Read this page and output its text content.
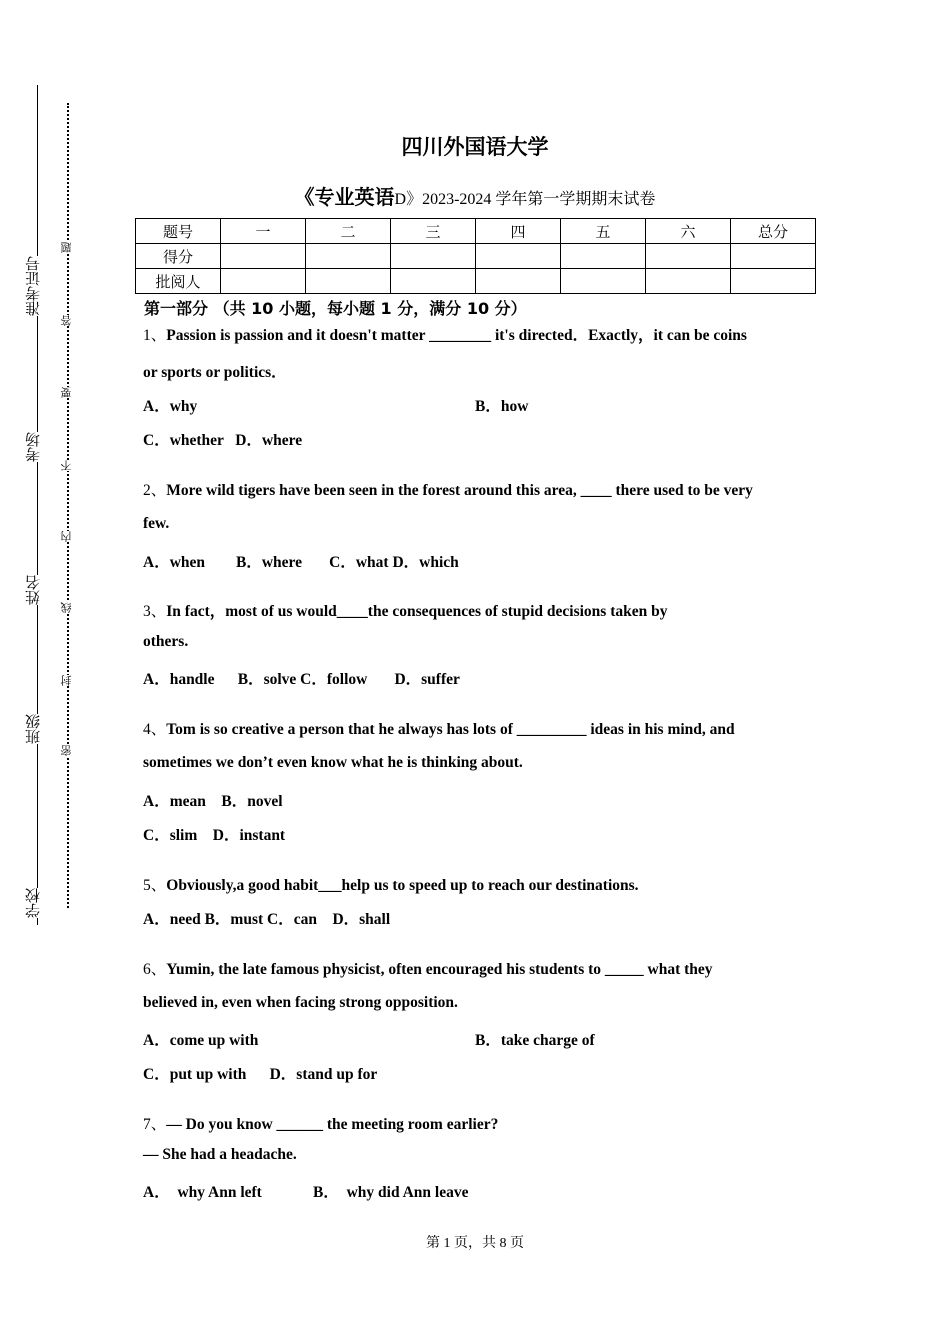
准考证号
考场
姓名
班级
学校
题
答
要
不
内
线
封
密
四川外国语大学
《专业英语D》2023-2024 学年第一学期期末试卷
题号	一	二	三	四	五	六	总分
得分							
批阅人							
第一部分 （共 10 小题，每小题 1 分，满分 10 分）
1、Passion is passion and it doesn't matter ________ it's directed．Exactly，it can be coins
or sports or politics．
A．why	B．how
C．whether   D．where
2、More wild tigers have been seen in the forest around this area, ____ there used to be very
few.
A．when        B．where       C．what D．which
3、In fact，most of us would____the consequences of stupid decisions taken by
others.
A．handle      B．solve C．follow       D．suffer
4、Tom is so creative a person that he always has lots of _________ ideas in his mind, and
sometimes we don’t even know what he is thinking about.
A．mean    B．novel
C．slim    D．instant
5、Obviously,a good habit___help us to speed up to reach our destinations.
A．need B．must C．can    D．shall
6、Yumin, the late famous physicist, often encouraged his students to _____ what they
believed in, even when facing strong opposition.
A．come up with	B．take charge of
C．put up with      D．stand up for
7、— Do you know ______ the meeting room earlier?
— She had a headache.
A．  why Ann left	B．  why did Ann leave
第 1 页，共 8 页
